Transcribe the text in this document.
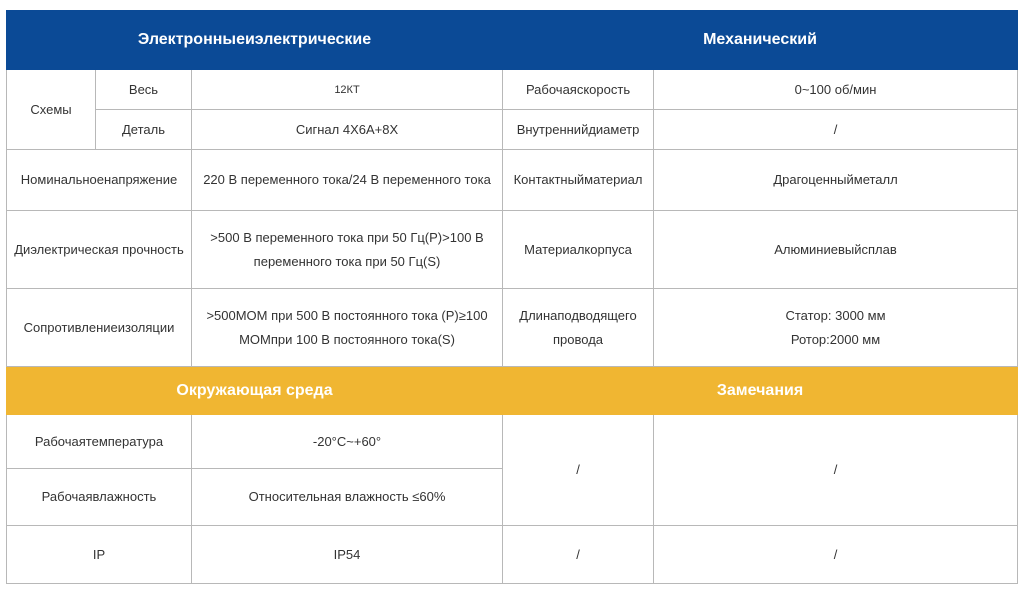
Электронныеиэлектрические			Механический	
Схемы	Весь	12КТ	Рабочаяскорость	0~100 об/мин
	Деталь	Сигнал 4Х6А+8Х	Внутреннийдиаметр	/
Номинальноенапряжение		220 В переменного тока/24 В переменного тока	Контактныйматериал	Драгоценныйметалл
Диэлектрическая прочность		>500 В переменного тока при 50 Гц(P)>100 В переменного тока при 50 Гц(S)	Материалкорпуса	Алюминиевыйсплав
Сопротивлениеизоляции		>500МОМ при 500 В постоянного тока (P)≥100 МОМпри 100 В постоянного тока(S)	Длинаподводящего провода	Статор: 3000 мм
Ротор:2000 мм

Окружающая среда			Замечания	
Рабочаятемпература		-20°C~+60°	/	/
Рабочаявлажность		Относительная влажность ≤60%		
IP		IP54	/	/
